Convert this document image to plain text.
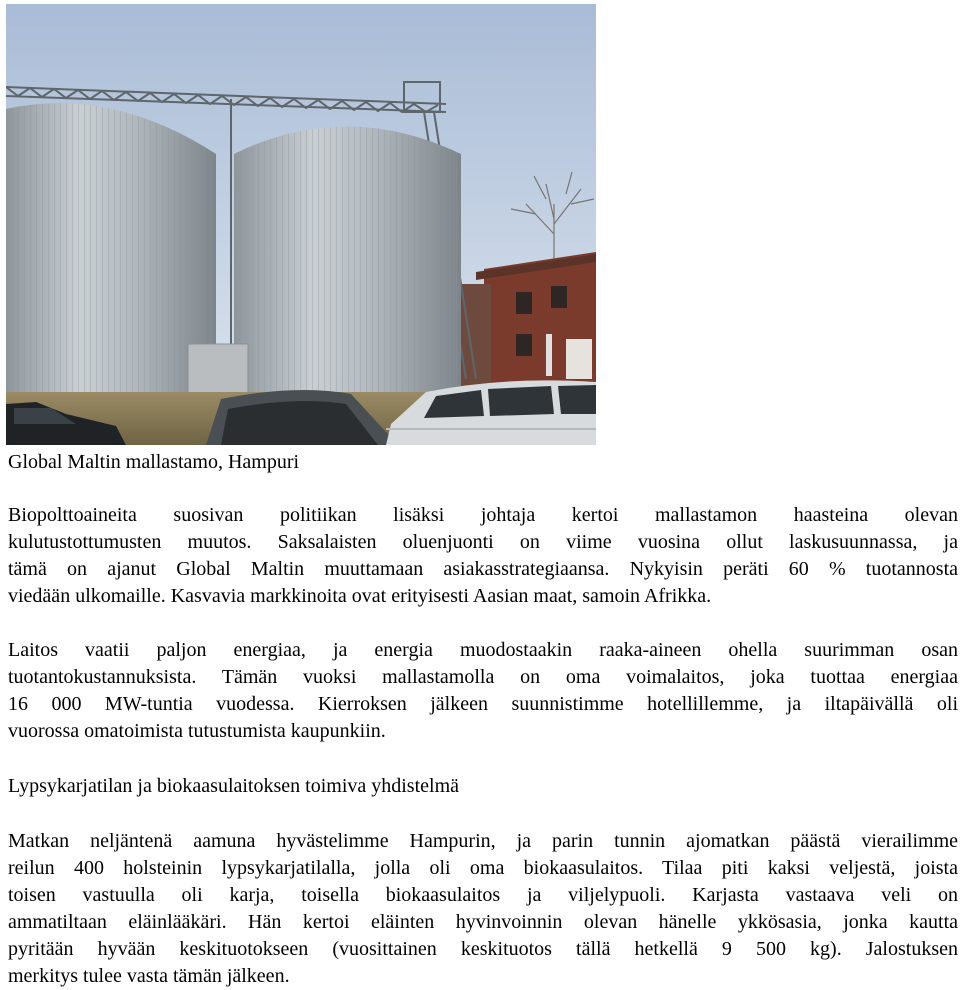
Global Maltin mallastamo, Hampuri
Biopolttoaineita suosivan politiikan lisäksi johtaja kertoi mallastamon haasteina olevan
kulutustottumusten muutos. Saksalaisten oluenjuonti on viime vuosina ollut laskusuunnassa, ja
tämä on ajanut Global Maltin muuttamaan asiakasstrategiaansa. Nykyisin peräti 60 % tuotannosta
viedään ulkomaille. Kasvavia markkinoita ovat erityisesti Aasian maat, samoin Afrikka.
Laitos vaatii paljon energiaa, ja energia muodostaakin raaka-aineen ohella suurimman osan
tuotantokustannuksista. Tämän vuoksi mallastamolla on oma voimalaitos, joka tuottaa energiaa
16 000 MW-tuntia vuodessa. Kierroksen jälkeen suunnistimme hotellillemme, ja iltapäivällä oli
vuorossa omatoimista tutustumista kaupunkiin.
Lypsykarjatilan ja biokaasulaitoksen toimiva yhdistelmä
Matkan neljäntenä aamuna hyvästelimme Hampurin, ja parin tunnin ajomatkan päästä vierailimme
reilun 400 holsteinin lypsykarjatilalla, jolla oli oma biokaasulaitos. Tilaa piti kaksi veljestä, joista
toisen vastuulla oli karja, toisella biokaasulaitos ja viljelypuoli. Karjasta vastaava veli on
ammatiltaan eläinlääkäri. Hän kertoi eläinten hyvinvoinnin olevan hänelle ykkösasia, jonka kautta
pyritään hyvään keskituotokseen (vuosittainen keskituotos tällä hetkellä 9 500 kg). Jalostuksen
merkitys tulee vasta tämän jälkeen.
